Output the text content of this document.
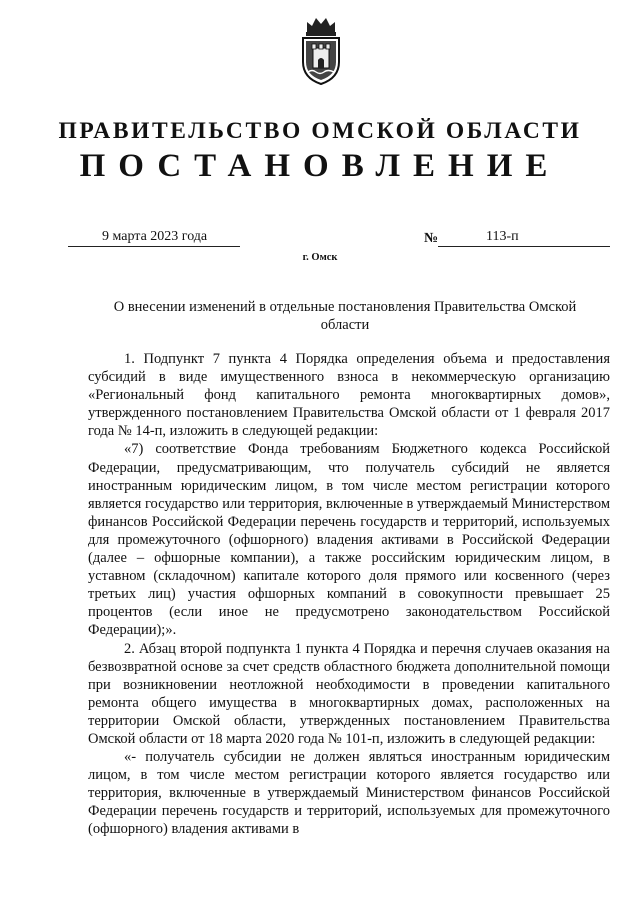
ПРАВИТЕЛЬСТВО ОМСКОЙ ОБЛАСТИ
ПОСТАНОВЛЕНИЕ
9 марта 2023 года	№	113-п
г. Омск
О внесении изменений в отдельные постановления Правительства Омской области

1. Подпункт 7 пункта 4 Порядка определения объема и предоставления субсидий в виде имущественного взноса в некоммерческую организацию «Региональный фонд капитального ремонта многоквартирных домов», утвержденного постановлением Правительства Омской области от 1 февраля 2017 года № 14-п, изложить в следующей редакции:

«7) соответствие Фонда требованиям Бюджетного кодекса Российской Федерации, предусматривающим, что получатель субсидий не является иностранным юридическим лицом, в том числе местом регистрации которого является государство или территория, включенные в утверждаемый Министерством финансов Российской Федерации перечень государств и территорий, используемых для промежуточного (офшорного) владения активами в Российской Федерации (далее – офшорные компании), а также российским юридическим лицом, в уставном (складочном) капитале которого доля прямого или косвенного (через третьих лиц) участия офшорных компаний в совокупности превышает 25 процентов (если иное не предусмотрено законодательством Российской Федерации);».

2. Абзац второй подпункта 1 пункта 4 Порядка и перечня случаев оказания на безвозвратной основе за счет средств областного бюджета дополнительной помощи при возникновении неотложной необходимости в проведении капитального ремонта общего имущества в многоквартирных домах, расположенных на территории Омской области, утвержденных постановлением Правительства Омской области от 18 марта 2020 года № 101-п, изложить в следующей редакции:

«- получатель субсидии не должен являться иностранным юридическим лицом, в том числе местом регистрации которого является государство или территория, включенные в утверждаемый Министерством финансов Российской Федерации перечень государств и территорий, используемых для промежуточного (офшорного) владения активами в
